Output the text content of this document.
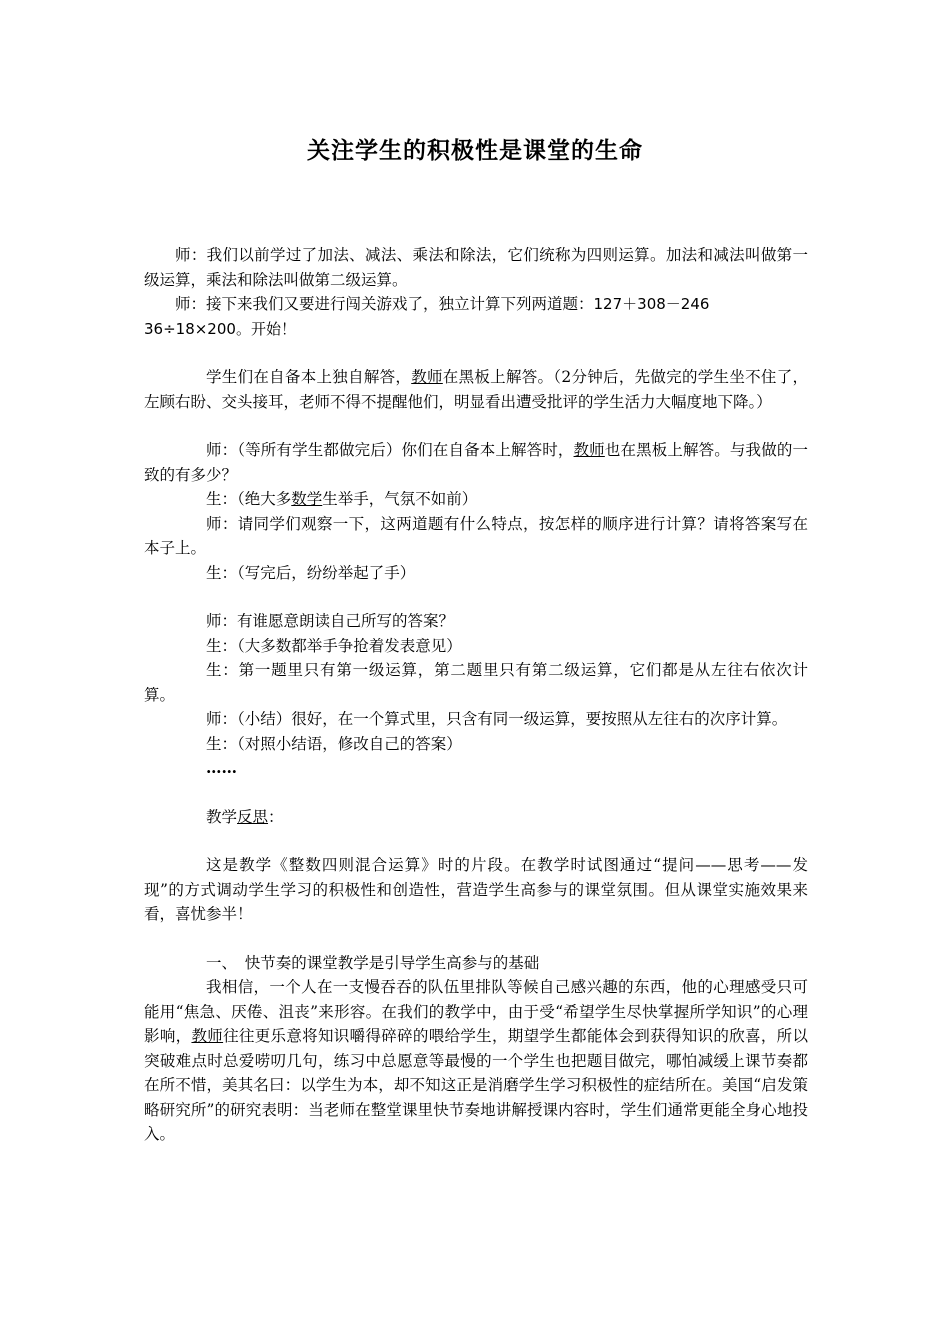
关注学生的积极性是课堂的生命

师：我们以前学过了加法、减法、乘法和除法，它们统称为四则运算。加法和减法叫做第一级运算，乘法和除法叫做第二级运算。

师：接下来我们又要进行闯关游戏了，独立计算下列两道题：127＋308－246
36÷18×200。开始！

学生们在自备本上独自解答，教师在黑板上解答。（2分钟后，先做完的学生坐不住了，左顾右盼、交头接耳，老师不得不提醒他们，明显看出遭受批评的学生活力大幅度地下降。）

师：（等所有学生都做完后）你们在自备本上解答时，教师也在黑板上解答。与我做的一致的有多少？

生：（绝大多数学生举手，气氛不如前）

师：请同学们观察一下，这两道题有什么特点，按怎样的顺序进行计算？请将答案写在本子上。

生：（写完后，纷纷举起了手）

师：有谁愿意朗读自己所写的答案？

生：（大多数都举手争抢着发表意见）

生：第一题里只有第一级运算，第二题里只有第二级运算，它们都是从左往右依次计算。

师：（小结）很好，在一个算式里，只含有同一级运算，要按照从左往右的次序计算。

生：（对照小结语，修改自己的答案）

……

教学反思：

这是教学《整数四则混合运算》时的片段。在教学时试图通过“提问——思考——发现”的方式调动学生学习的积极性和创造性，营造学生高参与的课堂氛围。但从课堂实施效果来看，喜忧参半！

一、　快节奏的课堂教学是引导学生高参与的基础

我相信，一个人在一支慢吞吞的队伍里排队等候自己感兴趣的东西，他的心理感受只可能用“焦急、厌倦、沮丧”来形容。在我们的教学中，由于受“希望学生尽快掌握所学知识”的心理影响，教师往往更乐意将知识嚼得碎碎的喂给学生，期望学生都能体会到获得知识的欣喜，所以突破难点时总爱唠叨几句，练习中总愿意等最慢的一个学生也把题目做完，哪怕减缓上课节奏都在所不惜，美其名曰：以学生为本，却不知这正是消磨学生学习积极性的症结所在。美国“启发策略研究所”的研究表明：当老师在整堂课里快节奏地讲解授课内容时，学生们通常更能全身心地投入。
